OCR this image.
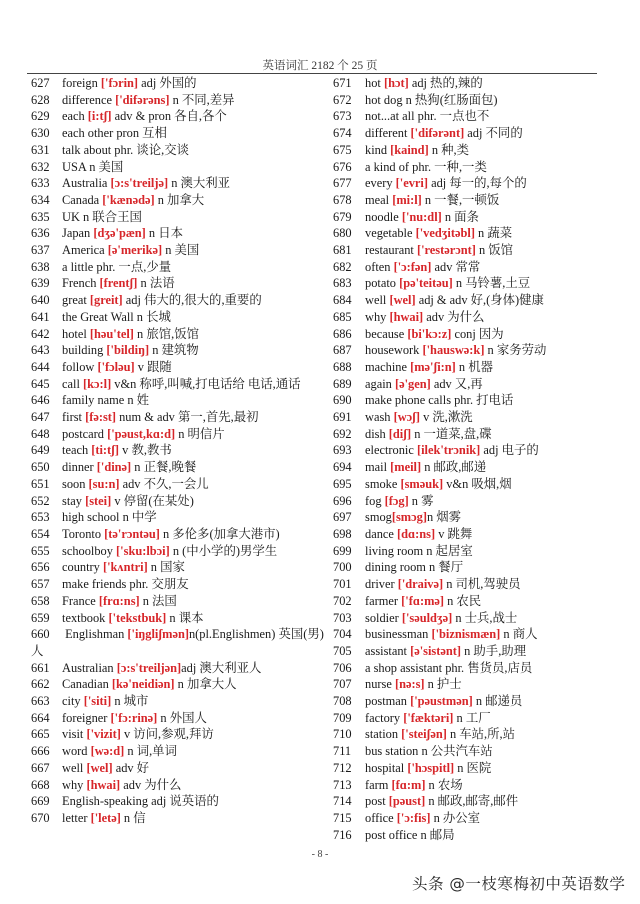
英语词汇 2182 个 25 页
627 foreign ['fɔrin] adj 外国的
628 difference ['difərəns] n 不同,差异
629 each [i:tʃ] adv & pron 各自,各个
630 each other pron 互相
631 talk about phr. 谈论,交谈
632 USA n 美国
633 Australia [ɔ:s'treiljə] n 澳大利亚
634 Canada ['kænədə] n 加拿大
635 UK n 联合王国
636 Japan [dʒə'pæn] n 日本
637 America [ə'merikə] n 美国
638 a little phr. 一点,少量
639 French [frentʃ] n 法语
640 great [greit] adj 伟大的,很大的,重要的
641 the Great Wall n 长城
642 hotel [həu'tel] n 旅馆,饭馆
643 building ['bildiŋ] n 建筑物
644 follow ['fɔləu] v 跟随
645 call [kɔ:l] v&n 称呼,叫喊,打电话给 电话,通话
646 family name n 姓
647 first [fə:st] num & adv 第一,首先,最初
648 postcard ['pəust,kɑ:d] n 明信片
649 teach [ti:tʃ] v 教,教书
650 dinner ['dinə] n 正餐,晚餐
651 soon [su:n] adv 不久,一会儿
652 stay [stei] v 停留(在某处)
653 high school n 中学
654 Toronto [tə'rɔntəu] n 多伦多(加拿大港市)
655 schoolboy ['sku:lbɔi] n (中小学的)男学生
656 country ['kʌntri] n 国家
657 make friends phr. 交朋友
658 France [frɑ:ns] n 法国
659 textbook ['tekstbuk] n 课本
660 Englishman ['iŋgliʃmən]n(pl.Englishmen) 英国(男)人
661 Australian [ɔ:s'treiljən]adj 澳大利亚人
662 Canadian [kə'neidiən] n 加拿大人
663 city ['siti] n 城市
664 foreigner ['fɔ:rinə] n 外国人
665 visit ['vizit] v 访问,参观,拜访
666 word [wə:d] n 词,单词
667 well [wel] adv 好
668 why [hwai] adv 为什么
669 English-speaking adj 说英语的
670 letter ['letə] n 信
671 hot [hɔt] adj 热的,辣的
672 hot dog n 热狗(红肠面包)
673 not...at all phr. 一点也不
674 different ['difərənt] adj 不同的
675 kind [kaind] n 种,类
676 a kind of phr. 一种,一类
677 every ['evri] adj 每一的,每个的
678 meal [mi:l] n 一餐,一顿饭
679 noodle ['nu:dl] n 面条
680 vegetable ['vedʒitəbl] n 蔬菜
681 restaurant ['restərɔnt] n 饭馆
682 often ['ɔ:fən] adv 常常
683 potato [pə'teitəu] n 马铃薯,土豆
684 well [wel] adj & adv 好,(身体)健康
685 why [hwai] adv 为什么
686 because [bi'kɔ:z] conj 因为
687 housework ['hauswə:k] n 家务劳动
688 machine [mə'ʃi:n] n 机器
689 again [ə'gen] adv 又,再
690 make phone calls phr. 打电话
691 wash [wɔʃ] v 洗,漱洗
692 dish [diʃ] n 一道菜,盘,碟
693 electronic [ilek'trɔnik] adj 电子的
694 mail [meil] n 邮政,邮递
695 smoke [sməuk] v&n 吸烟,烟
696 fog [fɔg] n 雾
697 smog[smɔg]n 烟雾
698 dance [dɑ:ns] v 跳舞
699 living room n 起居室
700 dining room n 餐厅
701 driver ['draivə] n 司机,驾驶员
702 farmer ['fɑ:mə] n 农民
703 soldier ['səuldʒə] n 士兵,战士
704 businessman ['biznismæn] n 商人
705 assistant [ə'sistənt] n 助手,助理
706 a shop assistant phr. 售货员,店员
707 nurse [nə:s] n 护士
708 postman ['pəustmən] n 邮递员
709 factory ['fæktəri] n 工厂
710 station ['steiʃən] n 车站,所,站
711 bus station n 公共汽车站
712 hospital ['hɔspitl] n 医院
713 farm [fɑ:m] n 农场
714 post [pəust] n 邮政,邮寄,邮件
715 office ['ɔ:fis] n 办公室
716 post office n 邮局
- 8 -
头条 @一枝寒梅初中英语数学
